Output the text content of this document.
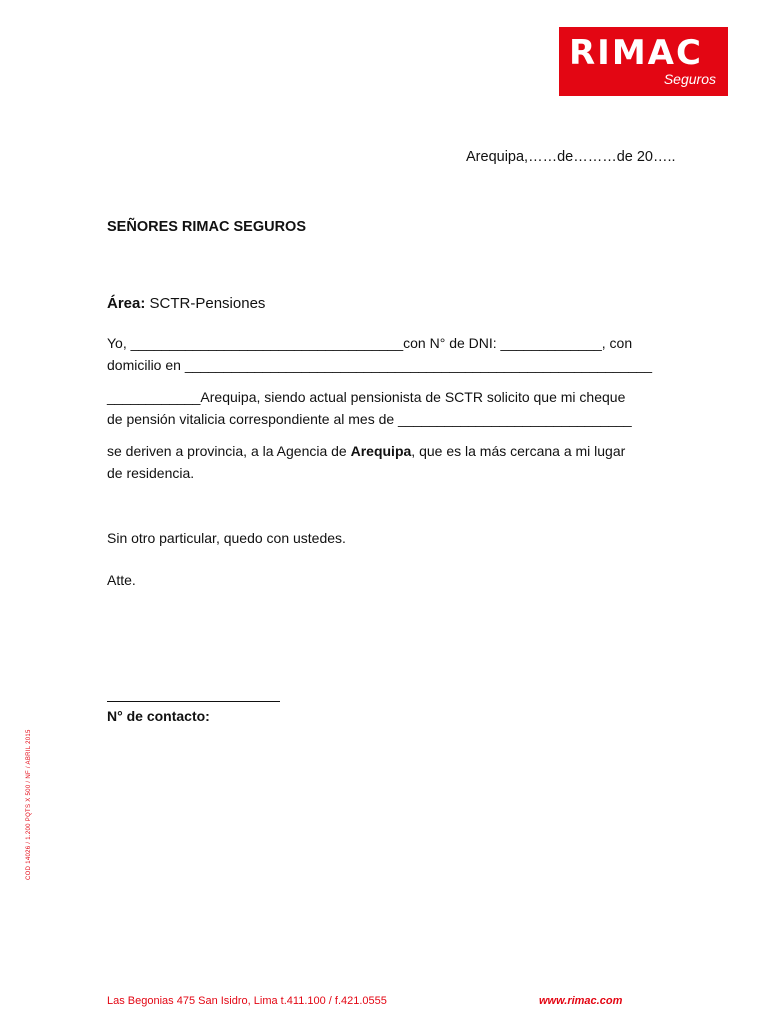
RIMAC
Seguros
Arequipa,……de………de 20…..
SEÑORES RIMAC SEGUROS
Área: SCTR-Pensiones
Yo, ___________________________________con N° de DNI: _____________, con
domicilio en ____________________________________________________________
____________Arequipa, siendo actual pensionista de SCTR solicito que mi cheque
de pensión vitalicia correspondiente al mes de ______________________________
se deriven a provincia, a la Agencia de Arequipa, que es la más cercana a mi lugar
de residencia.
Sin otro particular, quedo con ustedes.
Atte.
N° de contacto:
COD 14026 / 1.200 PQTS X 500 / NF / ABRIL 2015
Las Begonias 475 San Isidro, Lima t.411.100 / f.421.0555	www.rimac.com
